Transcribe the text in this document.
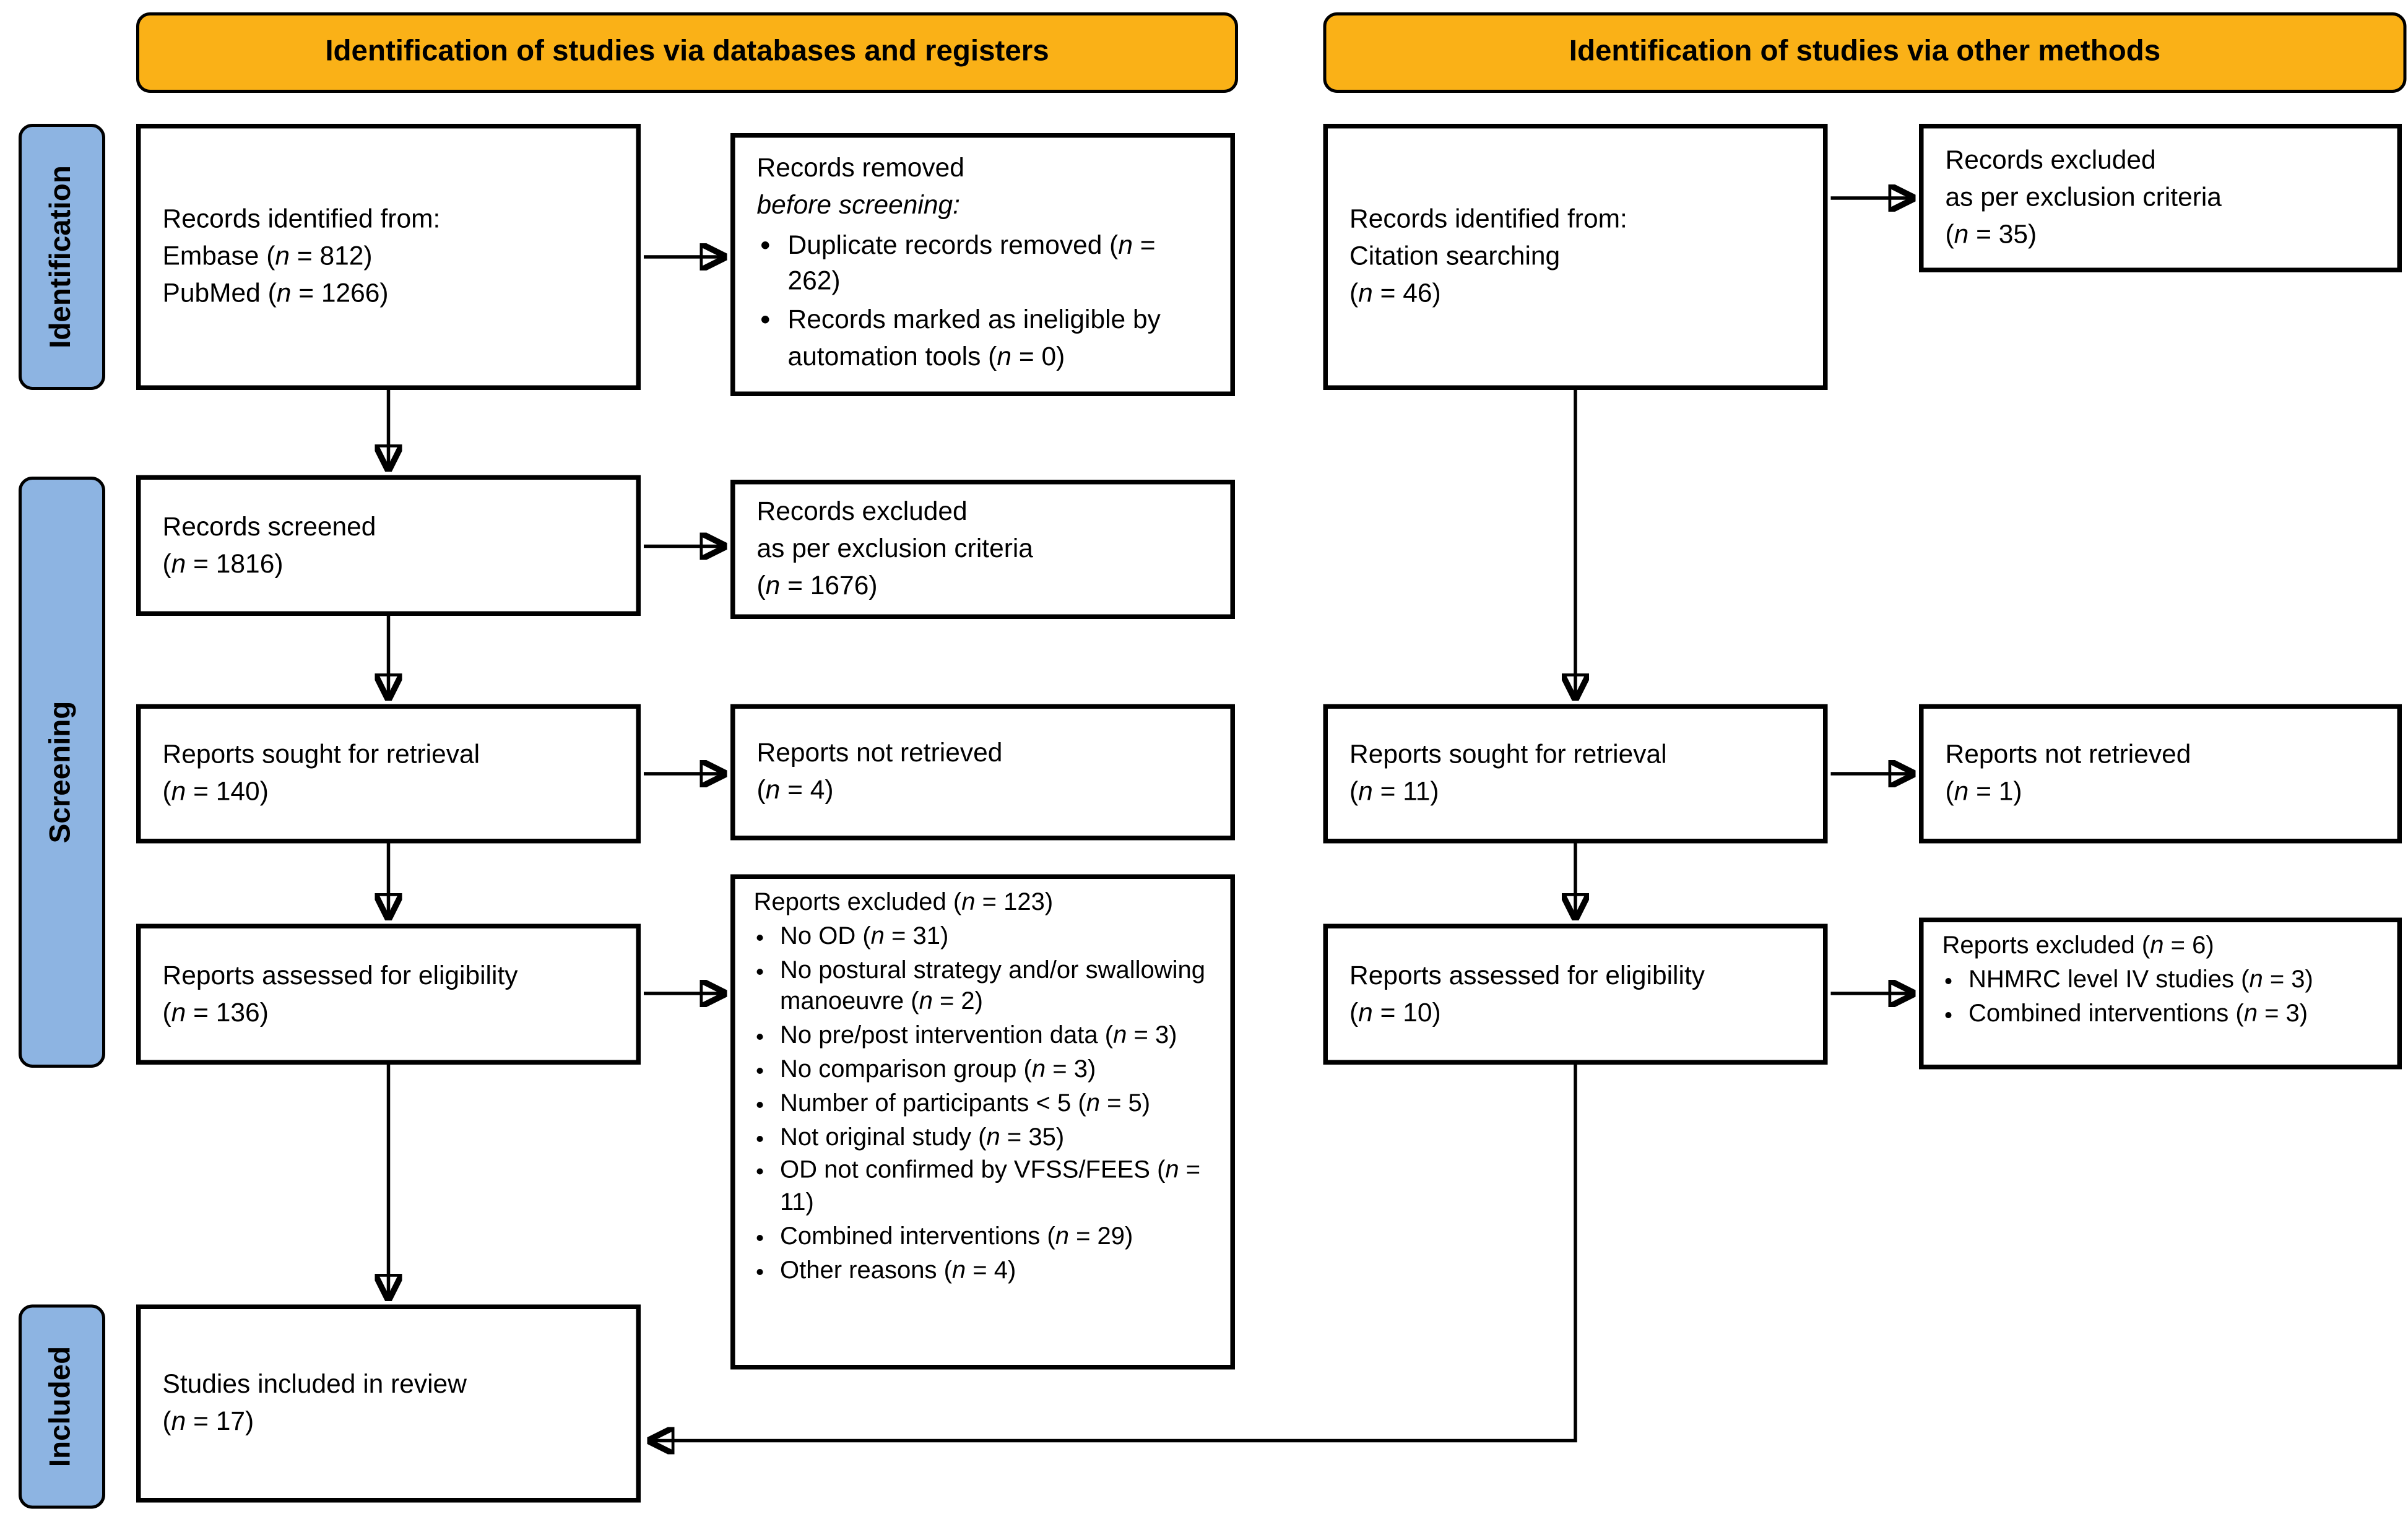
Identification of studies via databases and registers	Identification of studies via other methods
Identification
Screening
Included
Records identified from:
Embase (n = 812)
PubMed (n = 1266)
Records screened
(n = 1816)
Reports sought for retrieval
(n = 140)
Reports assessed for eligibility
(n = 136)
Studies included in review
(n = 17)
Records removed
before screening:
• Duplicate records removed (n = 262)
• Records marked as ineligible by automation tools (n = 0)
Records excluded
as per exclusion criteria
(n = 1676)
Reports not retrieved
(n = 4)
Reports excluded (n = 123)
• No OD (n = 31)
• No postural strategy and/or swallowing manoeuvre (n = 2)
• No pre/post intervention data (n = 3)
• No comparison group (n = 3)
• Number of participants < 5 (n = 5)
• Not original study (n = 35)
• OD not confirmed by VFSS/FEES (n = 11)
• Combined interventions (n = 29)
• Other reasons (n = 4)
Records identified from:
Citation searching
(n = 46)
Reports sought for retrieval
(n = 11)
Reports assessed for eligibility
(n = 10)
Records excluded
as per exclusion criteria
(n = 35)
Reports not retrieved
(n = 1)
Reports excluded (n = 6)
• NHMRC level IV studies (n = 3)
• Combined interventions (n = 3)
